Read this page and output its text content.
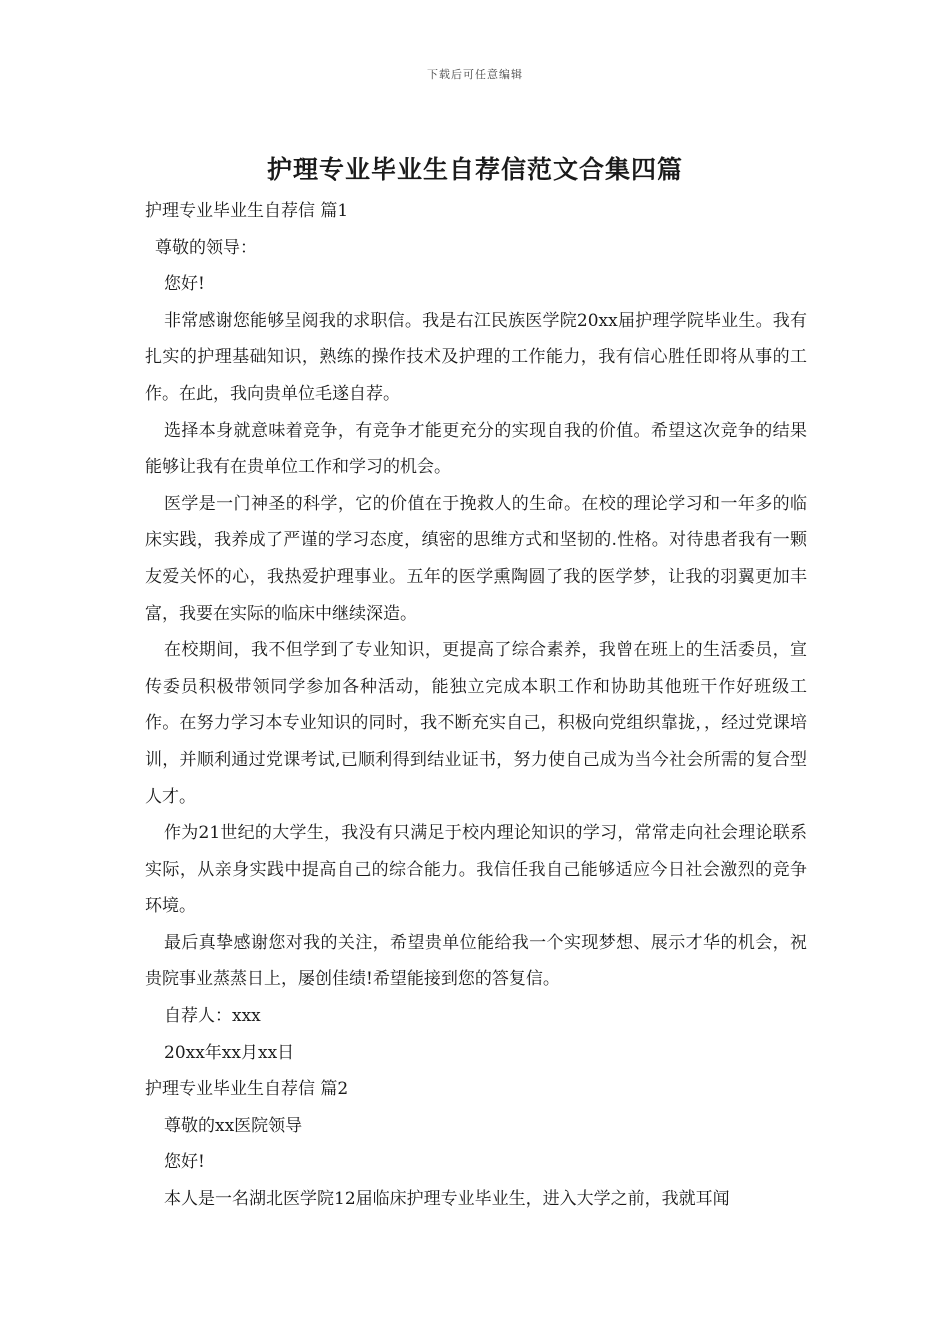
下载后可任意编辑
护理专业毕业生自荐信范文合集四篇

护理专业毕业生自荐信 篇1

尊敬的领导：

您好!

非常感谢您能够呈阅我的求职信。我是右江民族医学院20xx届护理学院毕业生。我有扎实的护理基础知识，熟练的操作技术及护理的工作能力，我有信心胜任即将从事的工作。在此，我向贵单位毛遂自荐。

选择本身就意味着竞争，有竞争才能更充分的实现自我的价值。希望这次竞争的结果能够让我有在贵单位工作和学习的机会。

医学是一门神圣的科学，它的价值在于挽救人的生命。在校的理论学习和一年多的临床实践，我养成了严谨的学习态度，缜密的思维方式和坚韧的.性格。对待患者我有一颗友爱关怀的心，我热爱护理事业。五年的医学熏陶圆了我的医学梦，让我的羽翼更加丰富，我要在实际的临床中继续深造。

在校期间，我不但学到了专业知识，更提高了综合素养，我曾在班上的生活委员，宣传委员积极带领同学参加各种活动，能独立完成本职工作和协助其他班干作好班级工作。在努力学习本专业知识的同时，我不断充实自己，积极向党组织靠拢，，经过党课培训，并顺利通过党课考试,已顺利得到结业证书，努力使自己成为当今社会所需的复合型人才。

作为21世纪的大学生，我没有只满足于校内理论知识的学习，常常走向社会理论联系实际，从亲身实践中提高自己的综合能力。我信任我自己能够适应今日社会激烈的竞争环境。

最后真挚感谢您对我的关注，希望贵单位能给我一个实现梦想、展示才华的机会，祝贵院事业蒸蒸日上，屡创佳绩!希望能接到您的答复信。

自荐人：xxx

20xx年xx月xx日

护理专业毕业生自荐信 篇2

尊敬的xx医院领导

您好!

本人是一名湖北医学院12届临床护理专业毕业生，进入大学之前，我就耳闻
